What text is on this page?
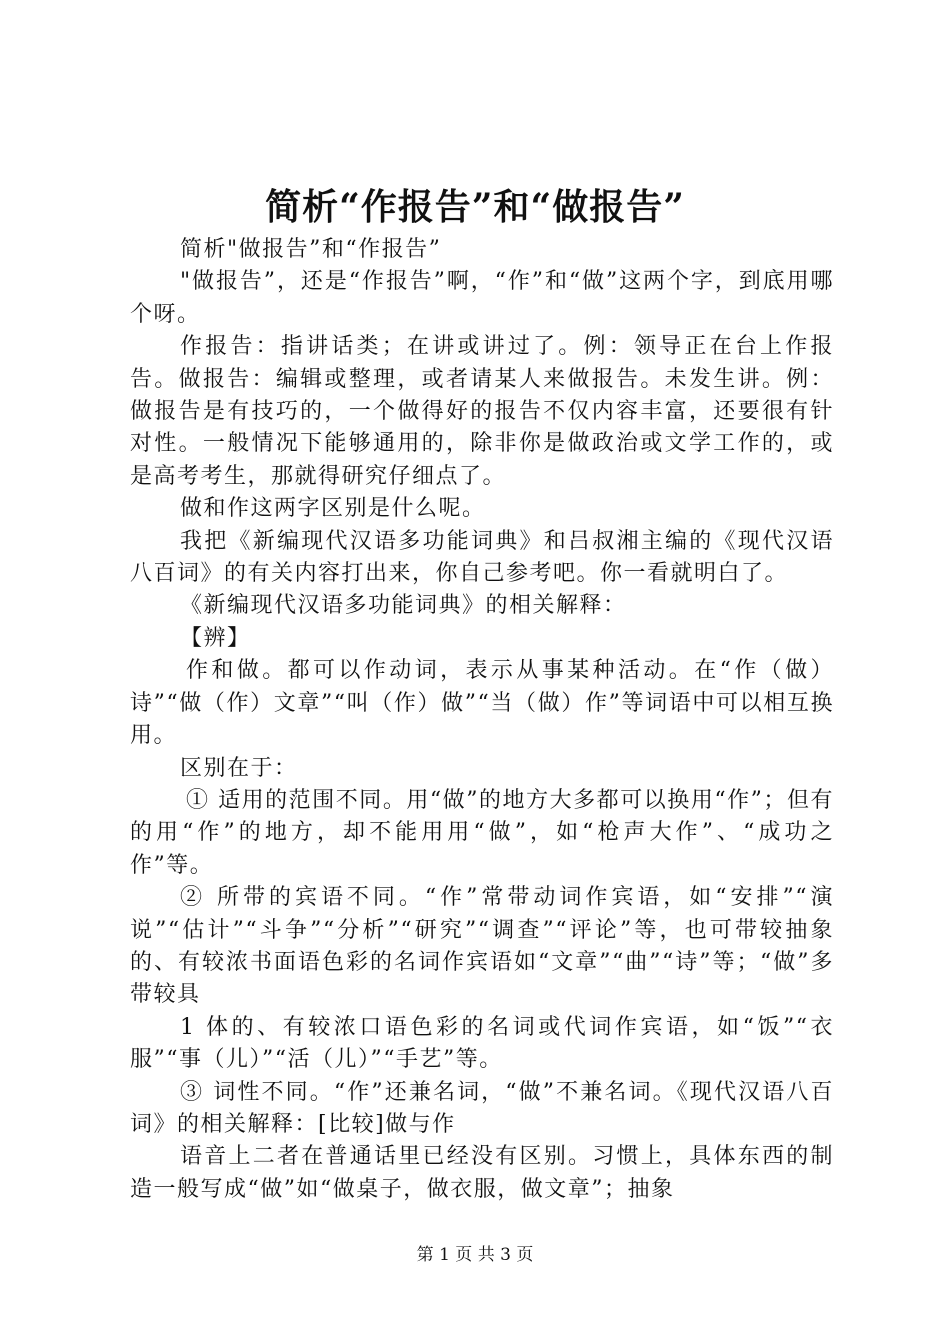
简析“作报告”和“做报告”

简析"做报告”和“作报告”

"做报告”，还是“作报告”啊，“作”和“做”这两个字，到底用哪个呀。

作报告：指讲话类；在讲或讲过了。例：领导正在台上作报告。做报告：编辑或整理，或者请某人来做报告。未发生讲。例：做报告是有技巧的，一个做得好的报告不仅内容丰富，还要很有针对性。一般情况下能够通用的，除非你是做政治或文学工作的，或是高考考生，那就得研究仔细点了。

做和作这两字区别是什么呢。

我把《新编现代汉语多功能词典》和吕叔湘主编的《现代汉语八百词》的有关内容打出来，你自己参考吧。你一看就明白了。

《新编现代汉语多功能词典》的相关解释：

【辨】

作和做。都可以作动词，表示从事某种活动。在“作（做）诗”“做（作）文章”“叫（作）做”“当（做）作”等词语中可以相互换用。

区别在于：

① 适用的范围不同。用“做”的地方大多都可以换用“作”；但有的用“作”的地方，却不能用用“做”，如“枪声大作”、“成功之作”等。

② 所带的宾语不同。“作”常带动词作宾语，如“安排”“演说”“估计”“斗争”“分析”“研究”“调查”“评论”等，也可带较抽象的、有较浓书面语色彩的名词作宾语如“文章”“曲”“诗”等；“做”多带较具

1 体的、有较浓口语色彩的名词或代词作宾语，如“饭”“衣服”“事（儿）”“活（儿）”“手艺”等。

③ 词性不同。“作”还兼名词，“做”不兼名词。《现代汉语八百词》的相关解释：[比较]做与作

语音上二者在普通话里已经没有区别。习惯上，具体东西的制造一般写成“做”如“做桌子，做衣服，做文章”；抽象

第 1 页 共 3 页
